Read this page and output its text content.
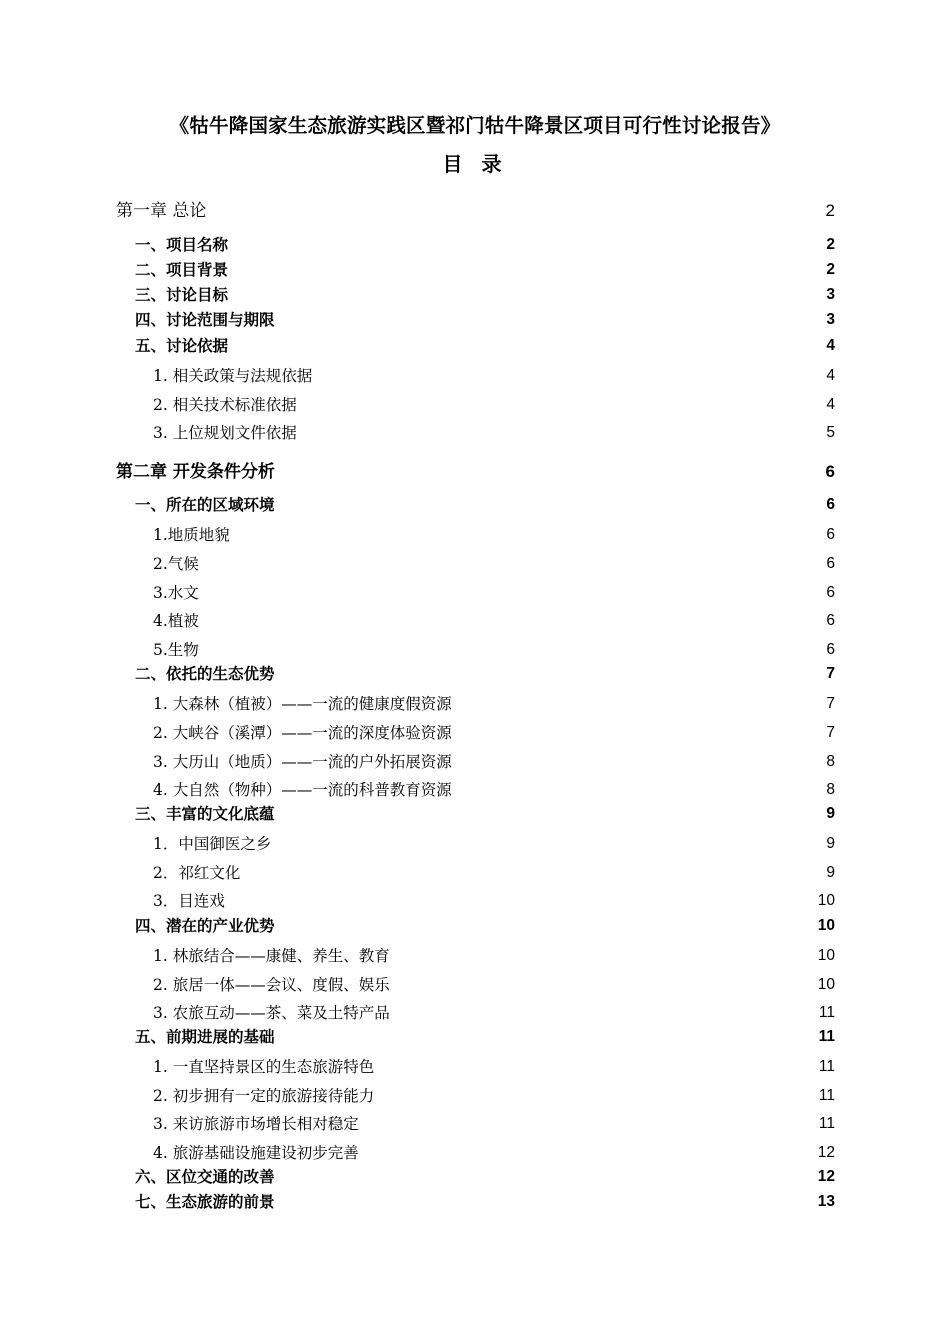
《牯牛降国家生态旅游实践区暨祁门牯牛降景区项目可行性讨论报告》
目 录
第一章 总论	2
一、项目名称	2
二、项目背景	2
三、讨论目标	3
四、讨论范围与期限	3
五、讨论依据	4
1. 相关政策与法规依据	4
2. 相关技术标准依据	4
3. 上位规划文件依据	5
第二章 开发条件分析	6
一、所在的区域环境	6
1.地质地貌	6
2.气候	6
3.水文	6
4.植被	6
5.生物	6
二、依托的生态优势	7
1. 大森林（植被）——一流的健康度假资源	7
2. 大峡谷（溪潭）——一流的深度体验资源	7
3. 大历山（地质）——一流的户外拓展资源	8
4. 大自然（物种）——一流的科普教育资源	8
三、丰富的文化底蕴	9
1．中国御医之乡	9
2．祁红文化	9
3．目连戏	10
四、潜在的产业优势	10
1. 林旅结合——康健、养生、教育	10
2. 旅居一体——会议、度假、娱乐	10
3. 农旅互动——茶、菜及土特产品	11
五、前期进展的基础	11
1. 一直坚持景区的生态旅游特色	11
2. 初步拥有一定的旅游接待能力	11
3. 来访旅游市场增长相对稳定	11
4. 旅游基础设施建设初步完善	12
六、区位交通的改善	12
七、生态旅游的前景	13
